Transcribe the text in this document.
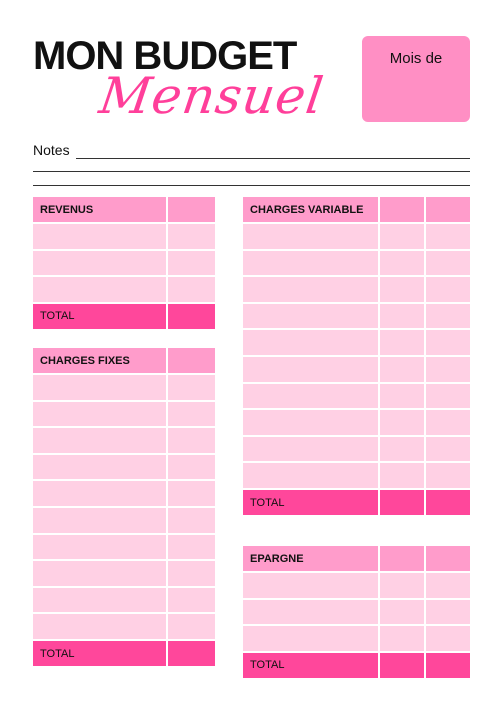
MON BUDGET
Mensuel
Mois de
Notes
REVENUS
TOTAL
CHARGES FIXES
TOTAL
CHARGES VARIABLE
TOTAL
EPARGNE
TOTAL
